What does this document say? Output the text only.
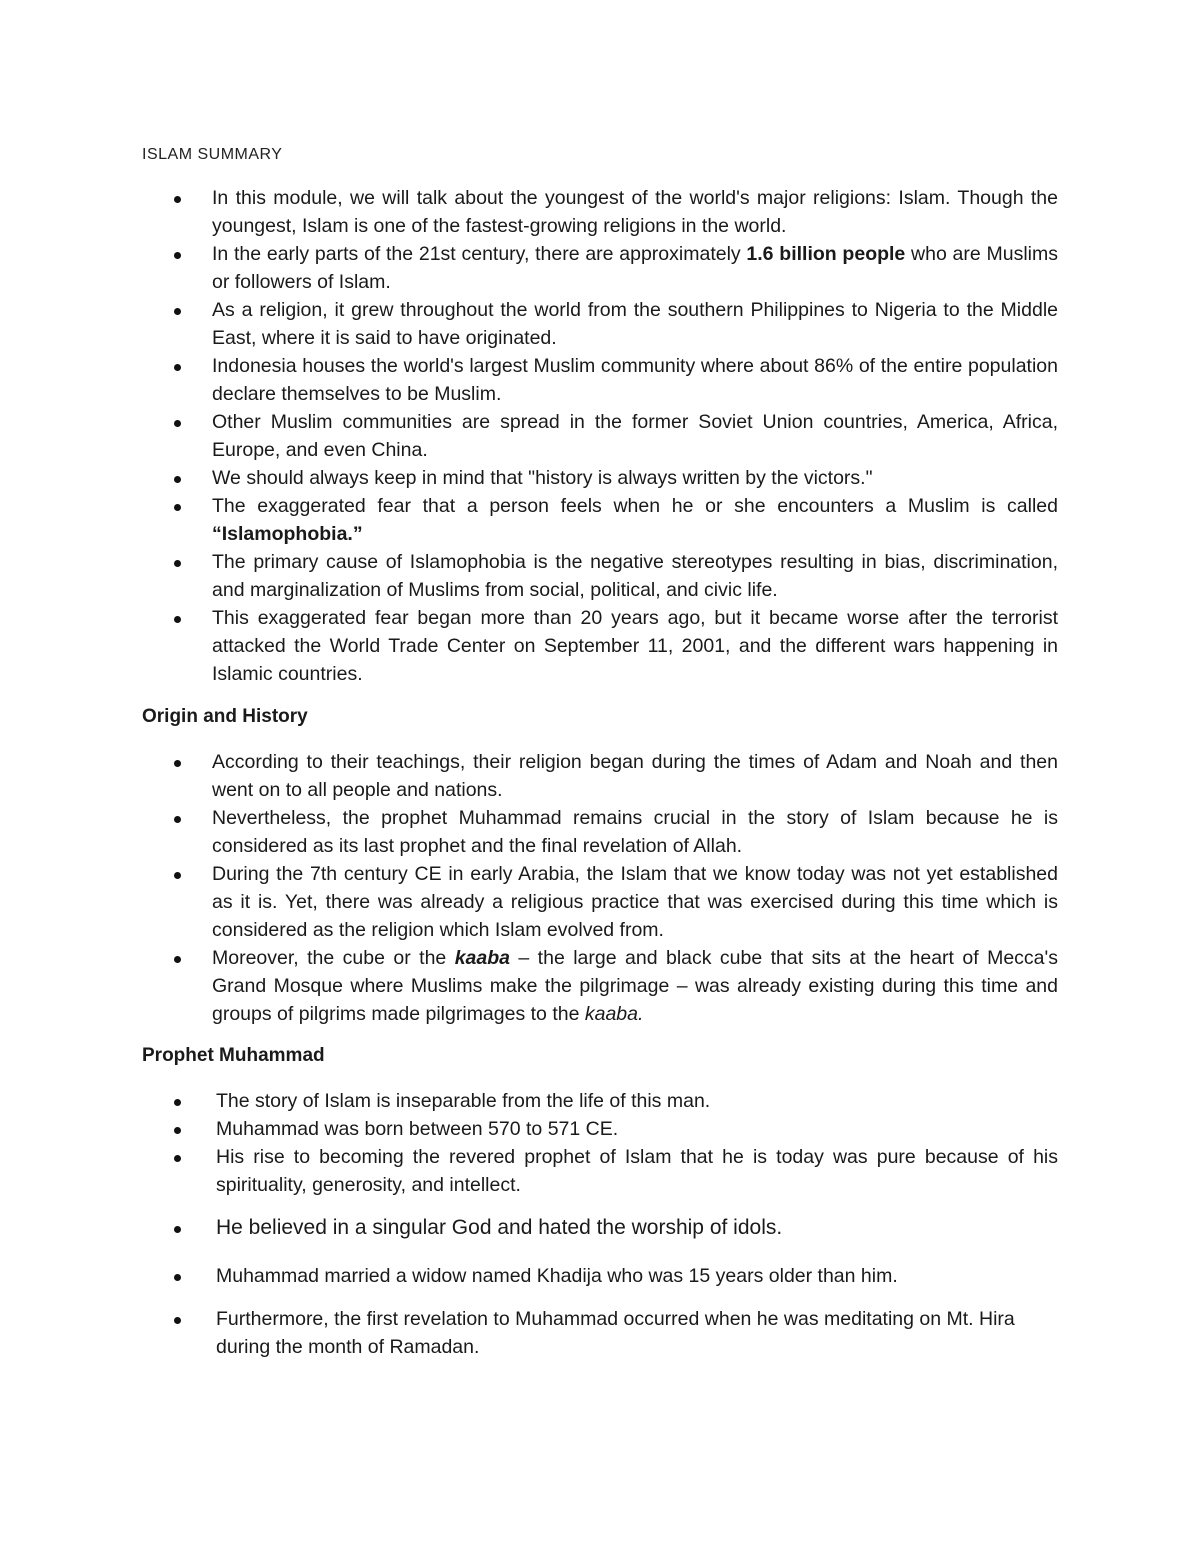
ISLAM SUMMARY
In this module, we will talk about the youngest of the world's major religions: Islam. Though the youngest, Islam is one of the fastest-growing religions in the world.
In the early parts of the 21st century, there are approximately 1.6 billion people who are Muslims or followers of Islam.
As a religion, it grew throughout the world from the southern Philippines to Nigeria to the Middle East, where it is said to have originated.
Indonesia houses the world's largest Muslim community where about 86% of the entire population declare themselves to be Muslim.
Other Muslim communities are spread in the former Soviet Union countries, America, Africa, Europe, and even China.
We should always keep in mind that "history is always written by the victors."
The exaggerated fear that a person feels when he or she encounters a Muslim is called “Islamophobia.”
The primary cause of Islamophobia is the negative stereotypes resulting in bias, discrimination, and marginalization of Muslims from social, political, and civic life.
This exaggerated fear began more than 20 years ago, but it became worse after the terrorist attacked the World Trade Center on September 11, 2001, and the different wars happening in Islamic countries.
Origin and History
According to their teachings, their religion began during the times of Adam and Noah and then went on to all people and nations.
Nevertheless, the prophet Muhammad remains crucial in the story of Islam because he is considered as its last prophet and the final revelation of Allah.
During the 7th century CE in early Arabia, the Islam that we know today was not yet established as it is. Yet, there was already a religious practice that was exercised during this time which is considered as the religion which Islam evolved from.
Moreover, the cube or the kaaba – the large and black cube that sits at the heart of Mecca's Grand Mosque where Muslims make the pilgrimage – was already existing during this time and groups of pilgrims made pilgrimages to the kaaba.
Prophet Muhammad
The story of Islam is inseparable from the life of this man.
Muhammad was born between 570 to 571 CE.
His rise to becoming the revered prophet of Islam that he is today was pure because of his spirituality, generosity, and intellect.
He believed in a singular God and hated the worship of idols.
Muhammad married a widow named Khadija who was 15 years older than him.
Furthermore, the first revelation to Muhammad occurred when he was meditating on Mt. Hira during the month of Ramadan.
